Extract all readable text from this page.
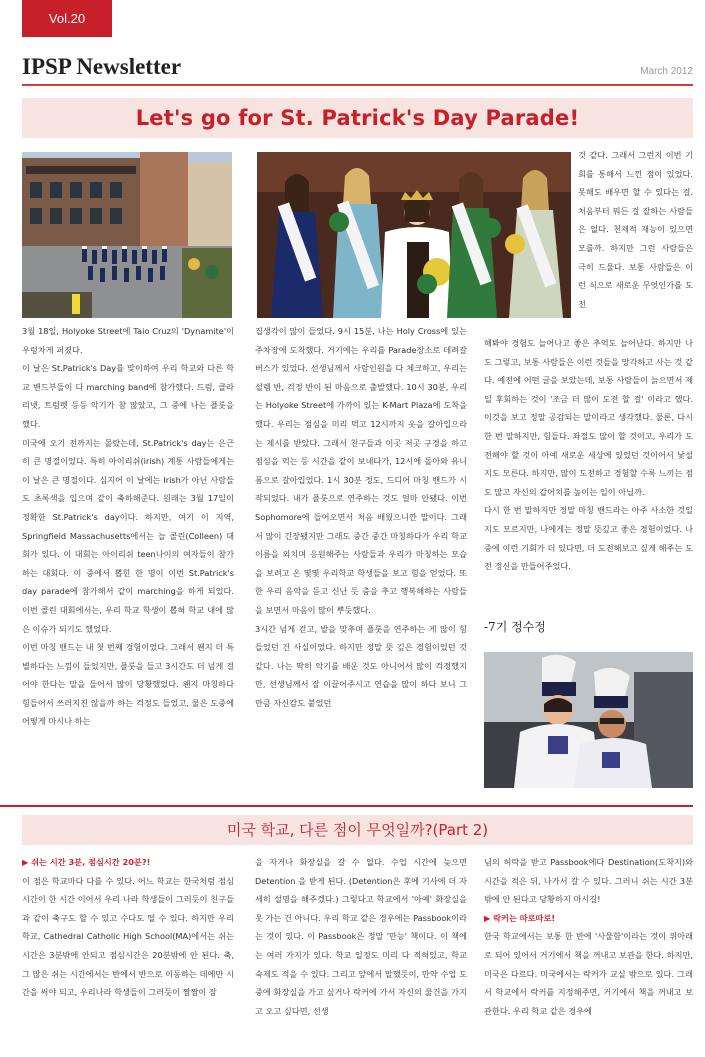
Vol.20
IPSP Newsletter	March 2012
Let's go for St. Patrick's Day Parade!

3월 18일, Holyoke Street에 Taio Cruz의 'Dynamite'이 우렁차게 퍼졌다.

이 날은 St.Patrick's Day를 맞이하여 우리 학교와 다른 학교 밴드부들이 다 marching band에 참가했다. 드럼, 클라리넷, 트럼펫 등등 악기가 참 많았고, 그 중에 나는 플룻을 했다.

미국에 오기 전까지는 몰랐는데, St.Patrick's day는 은근히 큰 명절이었다. 특히 아이리쉬(irish) 계통 사람들에게는 이 날은 큰 명절이다. 심지어 이 날에는 Irish가 아닌 사람들도 초록색을 입으며 같이 축하해준다. 원래는 3월 17일이 정확한 St.Patrick's day이다. 하지만, 여기 이 지역, Springfield Massachusetts에서는 늘 콜린(Colleen) 대회가 있다. 이 대회는 아이리쉬 teen나이의 여자들이 참가하는 대회다. 이 중에서 뽑힌 한 명이 이번 St.Patrick's day parade에 참가해서 같이 marching을 하게 되었다. 이번 콜린 대회에서는, 우리 학교 학생이 뽑혀 학교 내에 많은 이슈가 되기도 했었다.

이번 마칭 밴드는 내 첫 번째 경험이었다. 그래서 왠지 더 특별하다는 느낌이 들었지만, 플룻을 들고 3시간도 더 넘게 걸어야 한다는 말을 들어서 많이 당황했었다. 왠지 마칭하다 힘들어서 쓰러지진 않을까 하는 걱정도 들었고, 물은 도중에 어떻게 마시나 하는

집생각이 많이 들었다. 9시 15분, 나는 Holy Cross에 있는 주차장에 도착했다. 거기에는 우리를 Parade장소로 데려갈 버스가 있었다. 선생님께서 사람인원을 다 체크하고, 우리는 설렘 반, 걱정 반이 된 마음으로 출발했다. 10시 30분, 우리는 Holyoke Street에 가까이 있는 K-Mart Plaza에 도착을 했다. 우리는 점심을 미리 먹고 12시까지 옷을 갈아입으라는 제시를 받았다. 그래서 친구들과 이곳 저곳 구경을 하고 점심을 먹는 등 시간을 같이 보내다가, 12시에 돌아와 유니폼으로 갈아입었다. 1시 30분 정도, 드디어 마칭 밴드가 시작되었다. 내가 플룻으로 연주하는 것도 얼마 안됐다. 이번 Sophomore에 들어오면서 처음 배웠으니깐 말이다. 그래서 많이 긴장됐지만 그래도 중간 중간 마칭하다가 우리 학교 이름을 외치며 응원해주는 사람들과 우리가 마칭하는 모습을 보려고 온 몇몇 우리학교 학생들을 보고 힘을 얻었다. 또한 우리 음악을 듣고 신난 듯 춤을 추고 행복해하는 사람들을 보면서 마음이 많이 뿌듯했다.

3시간 넘게 걷고, 발을 맞추며 플룻을 연주하는 게 많이 힘들었던 건 사실이었다. 하지만 정말 뜻 깊은 경험이었던 것 같다. 나는 딱히 악기를 배운 것도 아니어서 많이 걱정했지만, 선생님께서 잘 이끌어주시고 연습을 많이 하다 보니 그만큼 자신감도 붙었던

것 같다. 그래서 그런지 이번 기회를 통해서 느낀 점이 있었다. 못해도 배우면 할 수 있다는 걸. 처음부터 뭐든 걸 잘하는 사람들은 없다. 천재적 재능이 있으면 모를까. 하지만 그런 사람들은 극히 드물다. 보통 사람들은 이런 식으로 새로운 무엇인가를 도전

해봐야 경험도 늘어나고 좋은 추억도 늘어난다. 하지만 나도 그렇고, 보통 사람들은 이런 것들을 망각하고 사는 것 같다. 예전에 어떤 글을 보았는데, 보통 사람들이 늙으면서 제일 후회하는 것이 '조금 더 많이 도전 할 걸' 이라고 했다. 이것을 보고 정말 공감되는 말이라고 생각했다. 물론, 다시 한 번 말하지만, 힘들다. 좌절도 많이 할 것이고, 우리가 도전해야 할 것이 아예 새로운 세상에 있었던 것이어서 낯설지도 모른다. 하지만, 많이 도전하고 경험할 수록 느끼는 점도 많고 자신의 갑어치를 높이는 일이 아닐까.

다시 한 번 말하지만 정말 마칭 밴드라는 아주 사소한 것일지도 모르지만, 나에게는 정말 뜻깊고 좋은 경험이었다. 나중에 이런 기회가 더 있다면, 더 도전해보고 싶게 해주는 도전 정신을 만들어주었다.

-7기 정수정
미국 학교, 다른 점이 무엇일까?(Part 2)

▶ 쉬는 시간 3분, 점심시간 20분?!

이 점은 학교마다 다를 수 있다. 어느 학교는 한국처럼 점심시간이 한 시간 이어서 우리 나라 학생들이 그러듯이 친구들과 같이 축구도 할 수 있고 수다도 떨 수 있다. 하지만 우리 학교, Cathedral Catholic High School(MA)에서는 쉬는 시간은 3분밖에 안되고 점심시간은 20분밖에 안 된다. 축, 그 많은 쉬는 시간에서는 반에서 반으로 이동하는 데에만 시간을 써야 되고, 우리나라 학생들이 그러듯이 짬짬이 잠

을 자거나 화장실을 갈 수 없다. 수업 시간에 늦으면 Detention 을 받게 된다. (Detention은 후에 기사에 더 자세히 설명을 해주겠다.) 그렇다고 학교에서 '아예' 화장실을 못 가는 건 아니다. 우리 학교 같은 경우에는 Passbook이라는 것이 있다. 이 Passbook은 정말 '만능' 책이다. 이 책에는 여러 가지가 있다. 학교 일정도 미리 다 적혀있고, 학교 숙제도 적을 수 있다. 그리고 앞에서 말했듯이, 만약 수업 도중에 화장실을 가고 싶거나 락커에 가서 자신의 물건을 가지고 오고 싶다면, 선생

님의 허락을 받고 Passbook에다 Destination(도착지)와 시간을 적은 뒤, 나가서 갈 수 있다. 그러니 쉬는 시간 3분밖에 안 된다고 당황하지 마시길!

▶ 락커는 따로따로!

한국 학교에서는 보통 한 반에 '사물함'이라는 것이 위아래로 되어 있어서 거기에서 책을 꺼내고 보관을 한다. 하지만, 미국은 다르다. 미국에서는 락커가 교실 밖으로 있다. 그래서 학교에서 락커를 지정해주면, 거기에서 책을 꺼내고 보관한다. 우리 학교 같은 경우에
